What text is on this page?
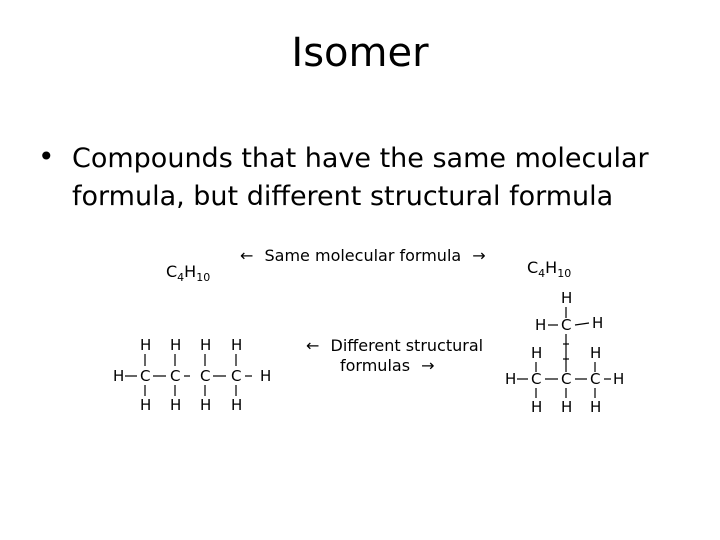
Isomer
• Compounds that have the same molecular formula, but different structural formula
$C_4H_{10}$
$C_4H_{10}$
← Same molecular formula →
← Different structural
formulas →
H H H H
H C C C C H
H H H H
H
H C H
H	H
H C C C H
H H H
